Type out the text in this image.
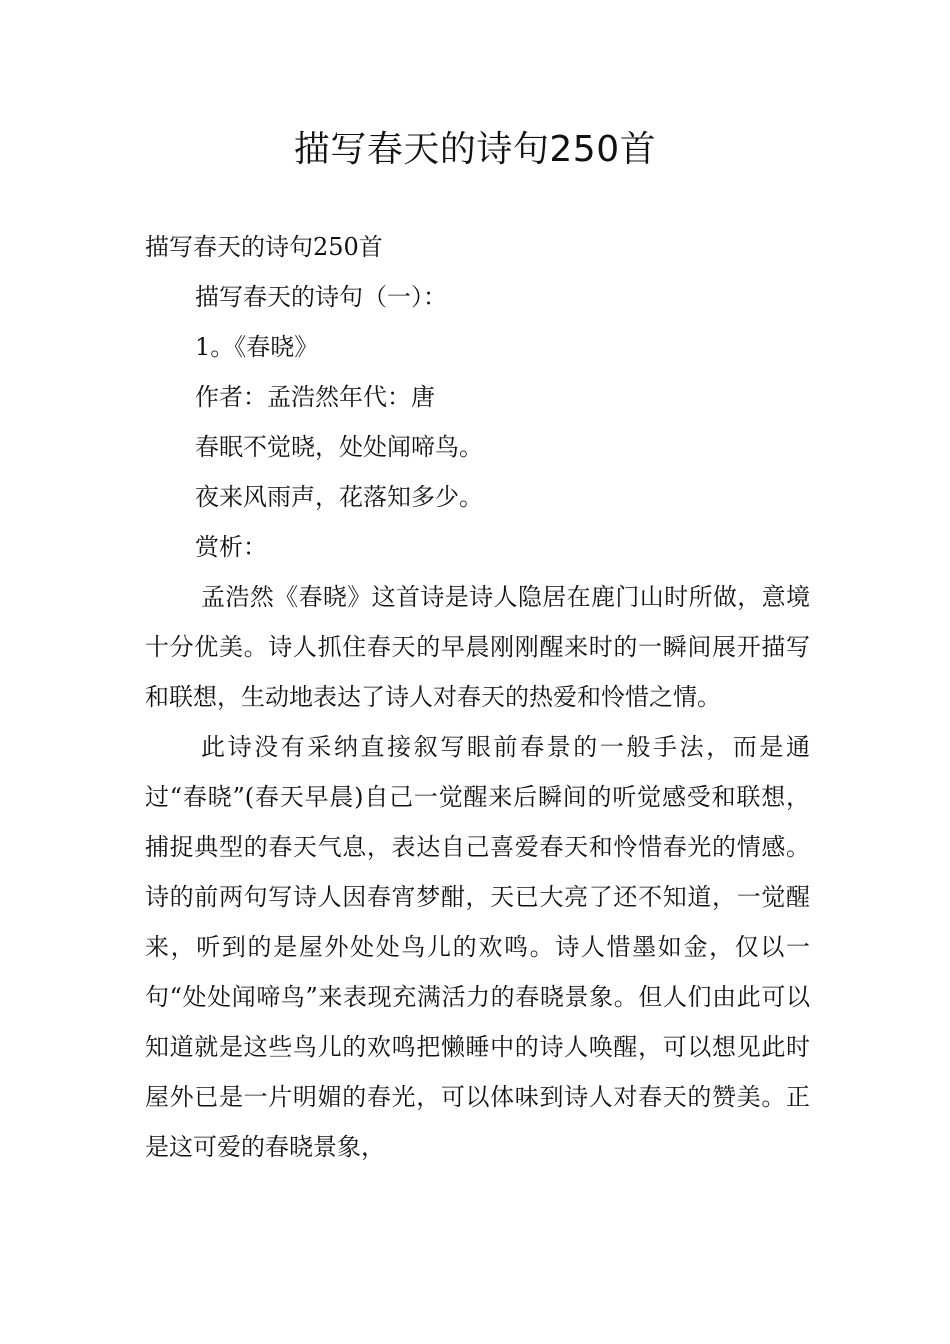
描写春天的诗句250首

描写春天的诗句250首

描写春天的诗句（一）：

1。《春晓》

作者：孟浩然年代：唐

春眠不觉晓，处处闻啼鸟。

夜来风雨声，花落知多少。

赏析：

孟浩然《春晓》这首诗是诗人隐居在鹿门山时所做，意境十分优美。诗人抓住春天的早晨刚刚醒来时的一瞬间展开描写和联想，生动地表达了诗人对春天的热爱和怜惜之情。

此诗没有采纳直接叙写眼前春景的一般手法，而是通过“春晓”(春天早晨)自己一觉醒来后瞬间的听觉感受和联想，捕捉典型的春天气息，表达自己喜爱春天和怜惜春光的情感。诗的前两句写诗人因春宵梦酣，天已大亮了还不知道，一觉醒来，听到的是屋外处处鸟儿的欢鸣。诗人惜墨如金，仅以一句“处处闻啼鸟”来表现充满活力的春晓景象。但人们由此可以知道就是这些鸟儿的欢鸣把懒睡中的诗人唤醒，可以想见此时屋外已是一片明媚的春光，可以体味到诗人对春天的赞美。正是这可爱的春晓景象，
